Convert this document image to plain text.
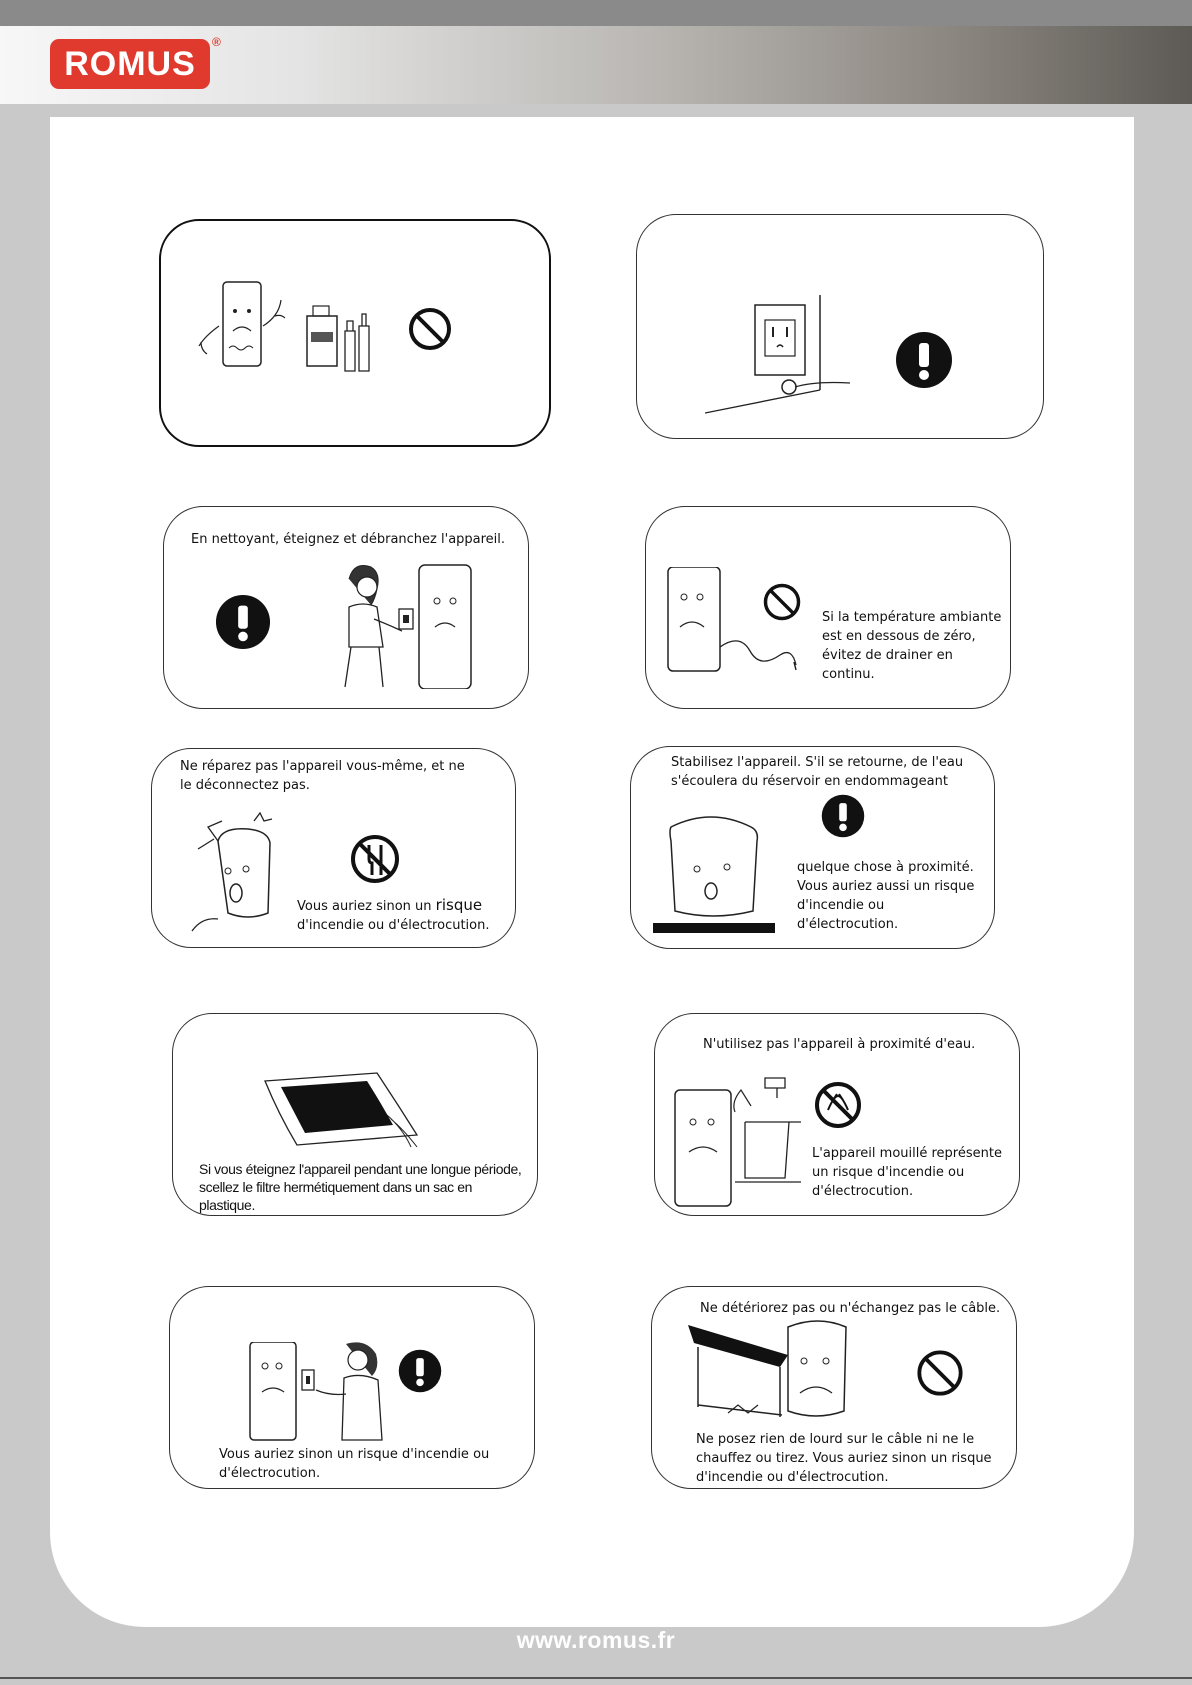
ROMUS
®

En nettoyant, éteignez et débranchez l'appareil.

Si la température ambiante est en dessous de zéro, évitez de drainer en continu.

Ne réparez pas l'appareil vous-même, et ne le déconnectez pas.

Vous auriez sinon un risque d'incendie ou d'électrocution.

Stabilisez l'appareil. S'il se retourne, de l'eau s'écoulera du réservoir en endommageant

quelque chose à proximité. Vous auriez aussi un risque d'incendie ou d'électrocution.

Si vous éteignez l'appareil pendant une longue période, scellez le filtre hermétiquement dans un sac en plastique.

N'utilisez pas l'appareil à proximité d'eau.

L'appareil mouillé représente un risque d'incendie ou d'électrocution.

Vous auriez sinon un risque d'incendie ou d'électrocution.

Ne détériorez pas ou n'échangez pas le câble.

Ne posez rien de lourd sur le câble ni ne le chauffez ou tirez. Vous auriez sinon un risque d'incendie ou d'électrocution.

www.romus.fr
